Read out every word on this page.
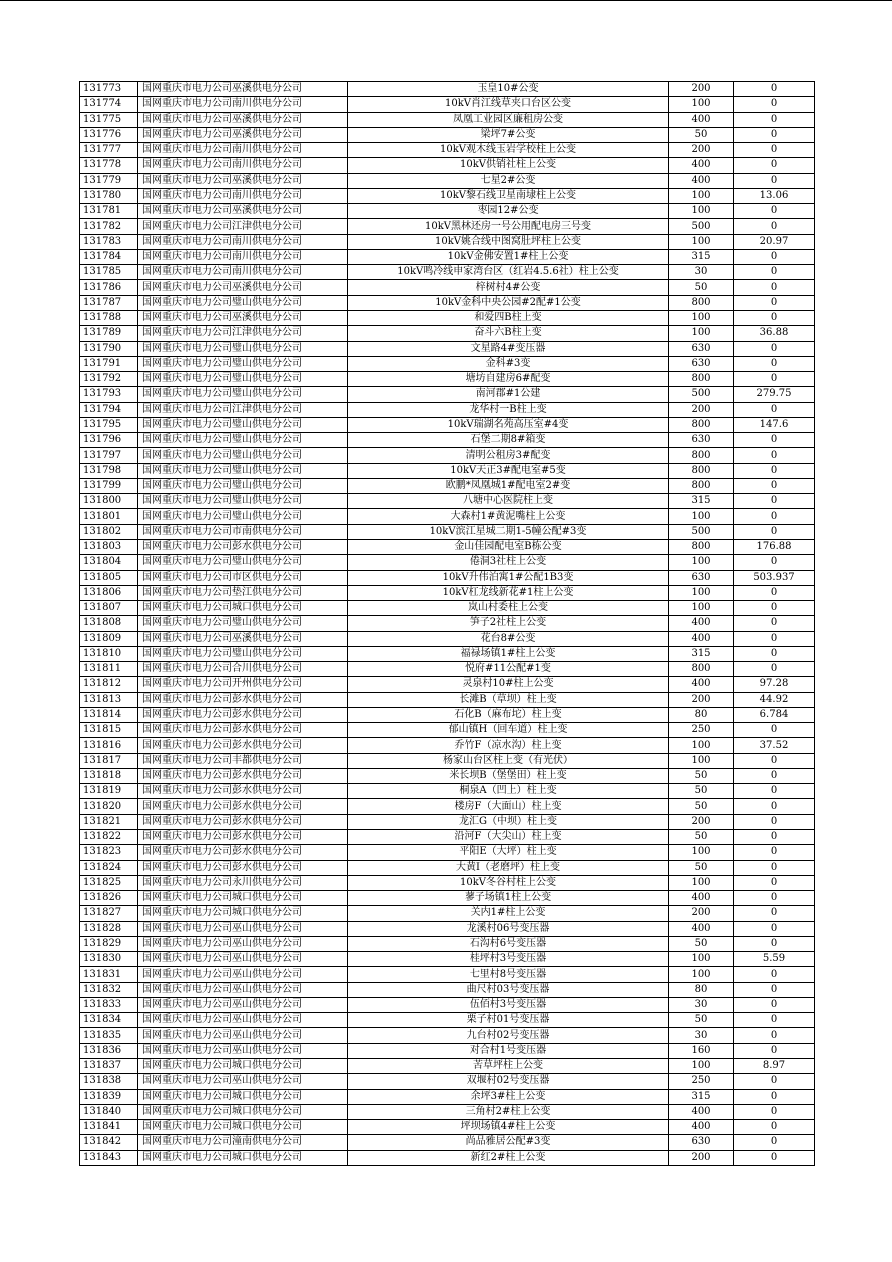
131773	国网重庆市电力公司巫溪供电分公司	玉皇10#公变	200	0
131774	国网重庆市电力公司南川供电分公司	10kV肖江线草夹口台区公变	100	0
131775	国网重庆市电力公司巫溪供电分公司	凤凰工业园区廉租房公变	400	0
131776	国网重庆市电力公司巫溪供电分公司	梁坪7#公变	50	0
131777	国网重庆市电力公司南川供电分公司	10kV观木线玉岩学校柱上公变	200	0
131778	国网重庆市电力公司南川供电分公司	10kV供销社柱上公变	400	0
131779	国网重庆市电力公司巫溪供电分公司	七星2#公变	400	0
131780	国网重庆市电力公司南川供电分公司	10kV黎石线卫星南埭柱上公变	100	13.06
131781	国网重庆市电力公司巫溪供电分公司	枣园12#公变	100	0
131782	国网重庆市电力公司江津供电分公司	10kV黑林还房一号公用配电房三号变	500	0
131783	国网重庆市电力公司南川供电分公司	10kV姚合线中图窝肚坪柱上公变	100	20.97
131784	国网重庆市电力公司南川供电分公司	10kV金佛安置1#柱上公变	315	0
131785	国网重庆市电力公司南川供电分公司	10kV鸣冷线申家湾台区（红岩4.5.6社）柱上公变	30	0
131786	国网重庆市电力公司巫溪供电分公司	梓树村4#公变	50	0
131787	国网重庆市电力公司璧山供电分公司	10kV金科中央公园#2配#1公变	800	0
131788	国网重庆市电力公司巫溪供电分公司	和爱四B柱上变	100	0
131789	国网重庆市电力公司江津供电分公司	奋斗六B柱上变	100	36.88
131790	国网重庆市电力公司璧山供电分公司	文星路4#变压器	630	0
131791	国网重庆市电力公司璧山供电分公司	金科#3变	630	0
131792	国网重庆市电力公司璧山供电分公司	塘坊自建房6#配变	800	0
131793	国网重庆市电力公司璧山供电分公司	南河郡#1公建	500	279.75
131794	国网重庆市电力公司江津供电分公司	龙华村一B柱上变	200	0
131795	国网重庆市电力公司璧山供电分公司	10kV瑞湖名苑高压室#4变	800	147.6
131796	国网重庆市电力公司璧山供电分公司	石堡二期8#箱变	630	0
131797	国网重庆市电力公司璧山供电分公司	清明公租房3#配变	800	0
131798	国网重庆市电力公司璧山供电分公司	10kV天正3#配电室#5变	800	0
131799	国网重庆市电力公司璧山供电分公司	欧鹏*凤凰城1#配电室2#变	800	0
131800	国网重庆市电力公司璧山供电分公司	八塘中心医院柱上变	315	0
131801	国网重庆市电力公司璧山供电分公司	大森村1#黄泥嘴柱上公变	100	0
131802	国网重庆市电力公司市南供电分公司	10kV滨江星城二期1-5幢公配#3变	500	0
131803	国网重庆市电力公司彭水供电分公司	金山佳园配电室B栋公变	800	176.88
131804	国网重庆市电力公司璧山供电分公司	倦洞3社柱上公变	100	0
131805	国网重庆市电力公司市区供电分公司	10kV升伟泊寓1#公配1B3变	630	503.937
131806	国网重庆市电力公司垫江供电分公司	10kV杠龙线新花#1柱上公变	100	0
131807	国网重庆市电力公司城口供电分公司	岚山村委柱上公变	100	0
131808	国网重庆市电力公司璧山供电分公司	笋子2社柱上公变	400	0
131809	国网重庆市电力公司巫溪供电分公司	花台8#公变	400	0
131810	国网重庆市电力公司璧山供电分公司	福禄场镇1#柱上公变	315	0
131811	国网重庆市电力公司合川供电分公司	悦府#11公配#1变	800	0
131812	国网重庆市电力公司开州供电分公司	灵泉村10#柱上公变	400	97.28
131813	国网重庆市电力公司彭水供电分公司	长滩B（草坝）柱上变	200	44.92
131814	国网重庆市电力公司彭水供电分公司	石化B（麻布坨）柱上变	80	6.784
131815	国网重庆市电力公司彭水供电分公司	郁山镇H（回车道）柱上变	250	0
131816	国网重庆市电力公司彭水供电分公司	乔竹F（凉水沟）柱上变	100	37.52
131817	国网重庆市电力公司丰都供电分公司	杨家山台区柱上变（有光伏）	100	0
131818	国网重庆市电力公司彭水供电分公司	米长坝B（堡堡田）柱上变	50	0
131819	国网重庆市电力公司彭水供电分公司	桐泉A（凹上）柱上变	50	0
131820	国网重庆市电力公司彭水供电分公司	楼房F（大面山）柱上变	50	0
131821	国网重庆市电力公司彭水供电分公司	龙汇G（中坝）柱上变	200	0
131822	国网重庆市电力公司彭水供电分公司	沿河F（大尖山）柱上变	50	0
131823	国网重庆市电力公司彭水供电分公司	平阳E（大坪）柱上变	100	0
131824	国网重庆市电力公司彭水供电分公司	大黄I（老磨坪）柱上变	50	0
131825	国网重庆市电力公司永川供电分公司	10kV冬谷村柱上公变	100	0
131826	国网重庆市电力公司城口供电分公司	蓼子场镇1柱上公变	400	0
131827	国网重庆市电力公司城口供电分公司	关内1#柱上公变	200	0
131828	国网重庆市电力公司巫山供电分公司	龙溪村06号变压器	400	0
131829	国网重庆市电力公司巫山供电分公司	石沟村6号变压器	50	0
131830	国网重庆市电力公司巫山供电分公司	桂坪村3号变压器	100	5.59
131831	国网重庆市电力公司巫山供电分公司	七里村8号变压器	100	0
131832	国网重庆市电力公司巫山供电分公司	曲尺村03号变压器	80	0
131833	国网重庆市电力公司巫山供电分公司	伍佰村3号变压器	30	0
131834	国网重庆市电力公司巫山供电分公司	栗子村01号变压器	50	0
131835	国网重庆市电力公司巫山供电分公司	九台村02号变压器	30	0
131836	国网重庆市电力公司巫山供电分公司	对合村1号变压器	160	0
131837	国网重庆市电力公司城口供电分公司	苦草坪柱上公变	100	8.97
131838	国网重庆市电力公司巫山供电分公司	双堰村02号变压器	250	0
131839	国网重庆市电力公司城口供电分公司	余坪3#柱上公变	315	0
131840	国网重庆市电力公司城口供电分公司	三角村2#柱上公变	400	0
131841	国网重庆市电力公司城口供电分公司	坪坝场镇4#柱上公变	400	0
131842	国网重庆市电力公司潼南供电分公司	尚品雅居公配#3变	630	0
131843	国网重庆市电力公司城口供电分公司	新红2#柱上公变	200	0
